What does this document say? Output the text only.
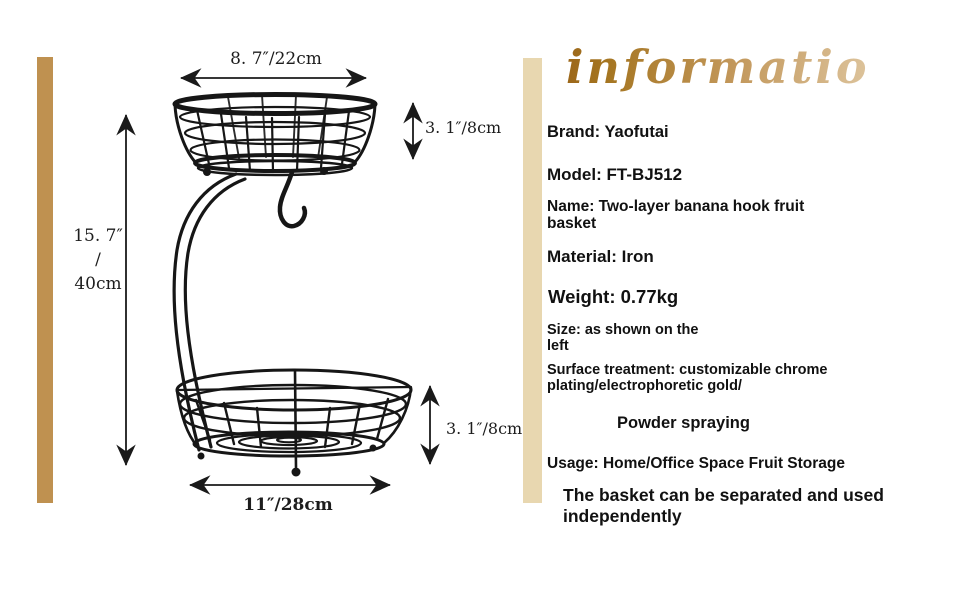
8. 7″/22cm
3. 1″/8cm
15. 7″
/
40cm
3. 1″/8cm
11″/28cm
information
Brand: Yaofutai
Model: FT-BJ512
Name: Two-layer banana hook fruit basket
Material: Iron
Weight: 0.77kg
Size: as shown on the left
Surface treatment: customizable chrome plating/electrophoretic gold/
Powder spraying
Usage: Home/Office Space Fruit Storage
The basket can be separated and used independently
